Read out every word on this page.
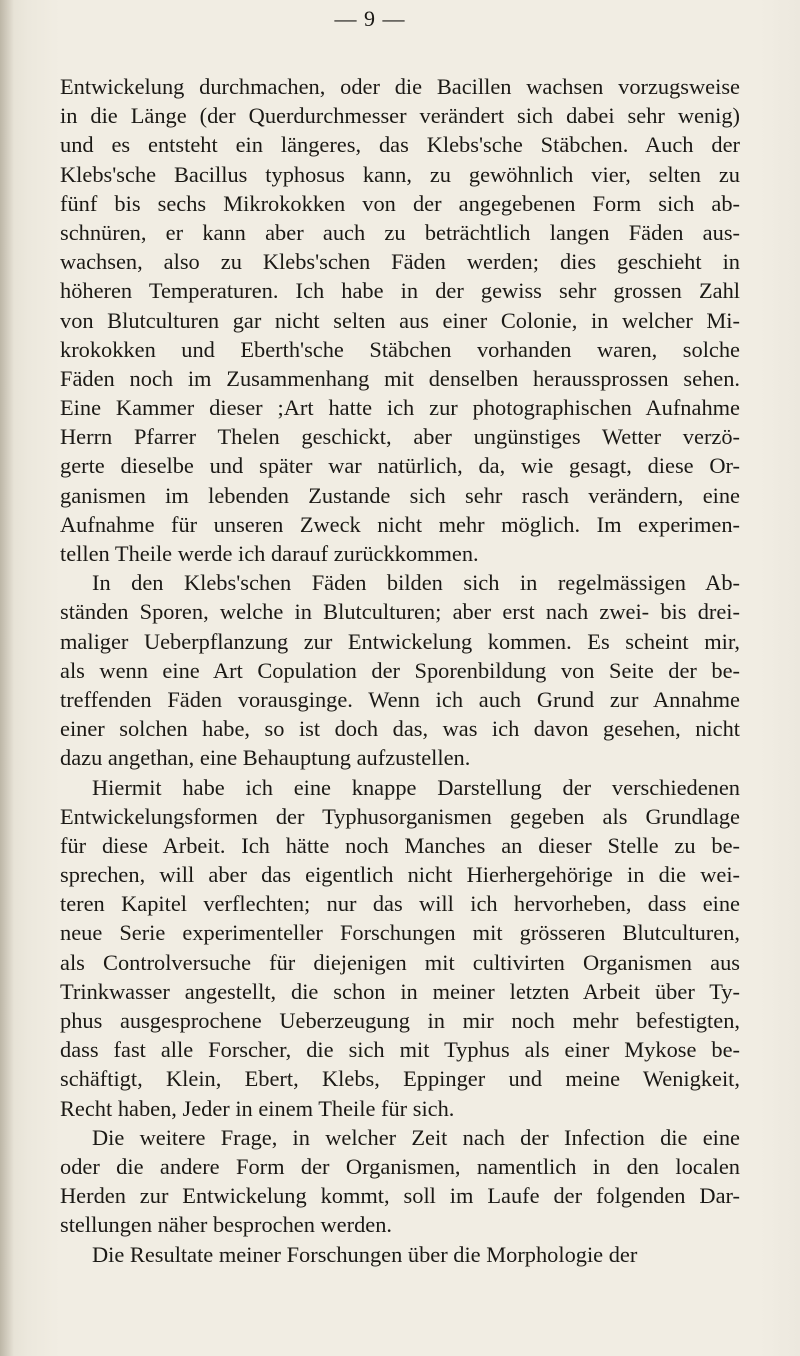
— 9 —
Entwickelung durchmachen, oder die Bacillen wachsen vorzugsweise
in die Länge (der Querdurchmesser verändert sich dabei sehr wenig)
und es entsteht ein längeres, das Klebs'sche Stäbchen. Auch der
Klebs'sche Bacillus typhosus kann, zu gewöhnlich vier, selten zu
fünf bis sechs Mikrokokken von der angegebenen Form sich ab-
schnüren, er kann aber auch zu beträchtlich langen Fäden aus-
wachsen, also zu Klebs'schen Fäden werden; dies geschieht in
höheren Temperaturen. Ich habe in der gewiss sehr grossen Zahl
von Blutculturen gar nicht selten aus einer Colonie, in welcher Mi-
krokokken und Eberth'sche Stäbchen vorhanden waren, solche
Fäden noch im Zusammenhang mit denselben heraussprossen sehen.
Eine Kammer dieser ;Art hatte ich zur photographischen Aufnahme
Herrn Pfarrer Thelen geschickt, aber ungünstiges Wetter verzö-
gerte dieselbe und später war natürlich, da, wie gesagt, diese Or-
ganismen im lebenden Zustande sich sehr rasch verändern, eine
Aufnahme für unseren Zweck nicht mehr möglich. Im experimen-
tellen Theile werde ich darauf zurückkommen.
In den Klebs'schen Fäden bilden sich in regelmässigen Ab-
ständen Sporen, welche in Blutculturen; aber erst nach zwei- bis drei-
maliger Ueberpflanzung zur Entwickelung kommen. Es scheint mir,
als wenn eine Art Copulation der Sporenbildung von Seite der be-
treffenden Fäden vorausginge. Wenn ich auch Grund zur Annahme
einer solchen habe, so ist doch das, was ich davon gesehen, nicht
dazu angethan, eine Behauptung aufzustellen.
Hiermit habe ich eine knappe Darstellung der verschiedenen
Entwickelungsformen der Typhusorganismen gegeben als Grundlage
für diese Arbeit. Ich hätte noch Manches an dieser Stelle zu be-
sprechen, will aber das eigentlich nicht Hierhergehörige in die wei-
teren Kapitel verflechten; nur das will ich hervorheben, dass eine
neue Serie experimenteller Forschungen mit grösseren Blutculturen,
als Controlversuche für diejenigen mit cultivirten Organismen aus
Trinkwasser angestellt, die schon in meiner letzten Arbeit über Ty-
phus ausgesprochene Ueberzeugung in mir noch mehr befestigten,
dass fast alle Forscher, die sich mit Typhus als einer Mykose be-
schäftigt, Klein, Ebert, Klebs, Eppinger und meine Wenigkeit,
Recht haben, Jeder in einem Theile für sich.
Die weitere Frage, in welcher Zeit nach der Infection die eine
oder die andere Form der Organismen, namentlich in den localen
Herden zur Entwickelung kommt, soll im Laufe der folgenden Dar-
stellungen näher besprochen werden.
Die Resultate meiner Forschungen über die Morphologie der
